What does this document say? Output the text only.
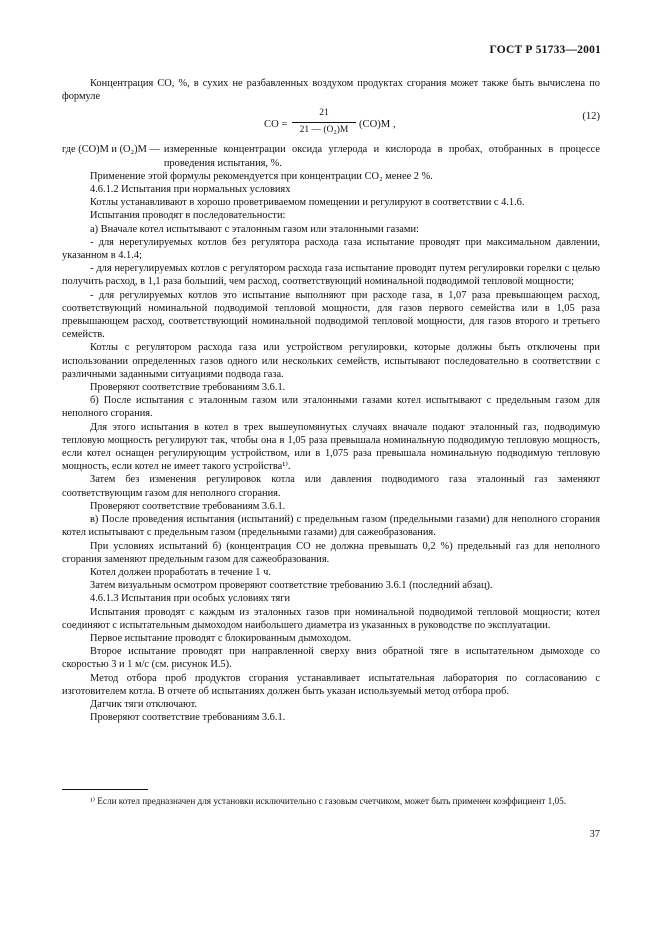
ГОСТ Р 51733—2001

Концентрация СО, %, в сухих не разбавленных воздухом продуктах сгорания может также быть вычислена по формуле

СО =
21
21 — (O₂)М	(СО)М ,
(12)
где (СО)М и (O₂)М — измеренные концентрации оксида углерода и кислорода в пробах, отобранных в процессе проведения испытания, %.

Применение этой формулы рекомендуется при концентрации СО₂ менее 2 %.

4.6.1.2 Испытания при нормальных условиях

Котлы устанавливают в хорошо проветриваемом помещении и регулируют в соответствии с 4.1.6.

Испытания проводят в последовательности:

а) Вначале котел испытывают с эталонным газом или эталонными газами:

- для нерегулируемых котлов без регулятора расхода газа испытание проводят при максимальном давлении, указанном в 4.1.4;

- для нерегулируемых котлов с регулятором расхода газа испытание проводят путем регулировки горелки с целью получить расход, в 1,1 раза больший, чем расход, соответствующий номинальной подводимой тепловой мощности;

- для регулируемых котлов это испытание выполняют при расходе газа, в 1,07 раза превышающем расход, соответствующий номинальной подводимой тепловой мощности, для газов первого семейства или в 1,05 раза превышающем расход, соответствующий номинальной подводимой тепловой мощности, для газов второго и третьего семейств.

Котлы с регулятором расхода газа или устройством регулировки, которые должны быть отключены при использовании определенных газов одного или нескольких семейств, испытывают последовательно в соответствии с различными заданными ситуациями подвода газа.

Проверяют соответствие требованиям 3.6.1.

б) После испытания с эталонным газом или эталонными газами котел испытывают с предельным газом для неполного сгорания.

Для этого испытания в котел в трех вышеупомянутых случаях вначале подают эталонный газ, подводимую тепловую мощность регулируют так, чтобы она в 1,05 раза превышала номинальную подводимую тепловую мощность, если котел оснащен регулирующим устройством, или в 1,075 раза превышала номинальную подводимую тепловую мощность, если котел не имеет такого устройства¹⁾.

Затем без изменения регулировок котла или давления подводимого газа эталонный газ заменяют соответствующим газом для неполного сгорания.

Проверяют соответствие требованиям 3.6.1.

в) После проведения испытания (испытаний) с предельным газом (предельными газами) для неполного сгорания котел испытывают с предельным газом (предельными газами) для сажеобразования.

При условиях испытаний б) (концентрация СО не должна превышать 0,2 %) предельный газ для неполного сгорания заменяют предельным газом для сажеобразования.

Котел должен проработать в течение 1 ч.

Затем визуальным осмотром проверяют соответствие требованию 3.6.1 (последний абзац).

4.6.1.3 Испытания при особых условиях тяги

Испытания проводят с каждым из эталонных газов при номинальной подводимой тепловой мощности; котел соединяют с испытательным дымоходом наибольшего диаметра из указанных в руководстве по эксплуатации.

Первое испытание проводят с блокированным дымоходом.

Второе испытание проводят при направленной сверху вниз обратной тяге в испытательном дымоходе со скоростью 3 и 1 м/с (см. рисунок И.5).

Метод отбора проб продуктов сгорания устанавливает испытательная лаборатория по согласованию с изготовителем котла. В отчете об испытаниях должен быть указан используемый метод отбора проб.

Датчик тяги отключают.

Проверяют соответствие требованиям 3.6.1.

¹⁾ Если котел предназначен для установки исключительно с газовым счетчиком, может быть применен коэффициент 1,05.

37
